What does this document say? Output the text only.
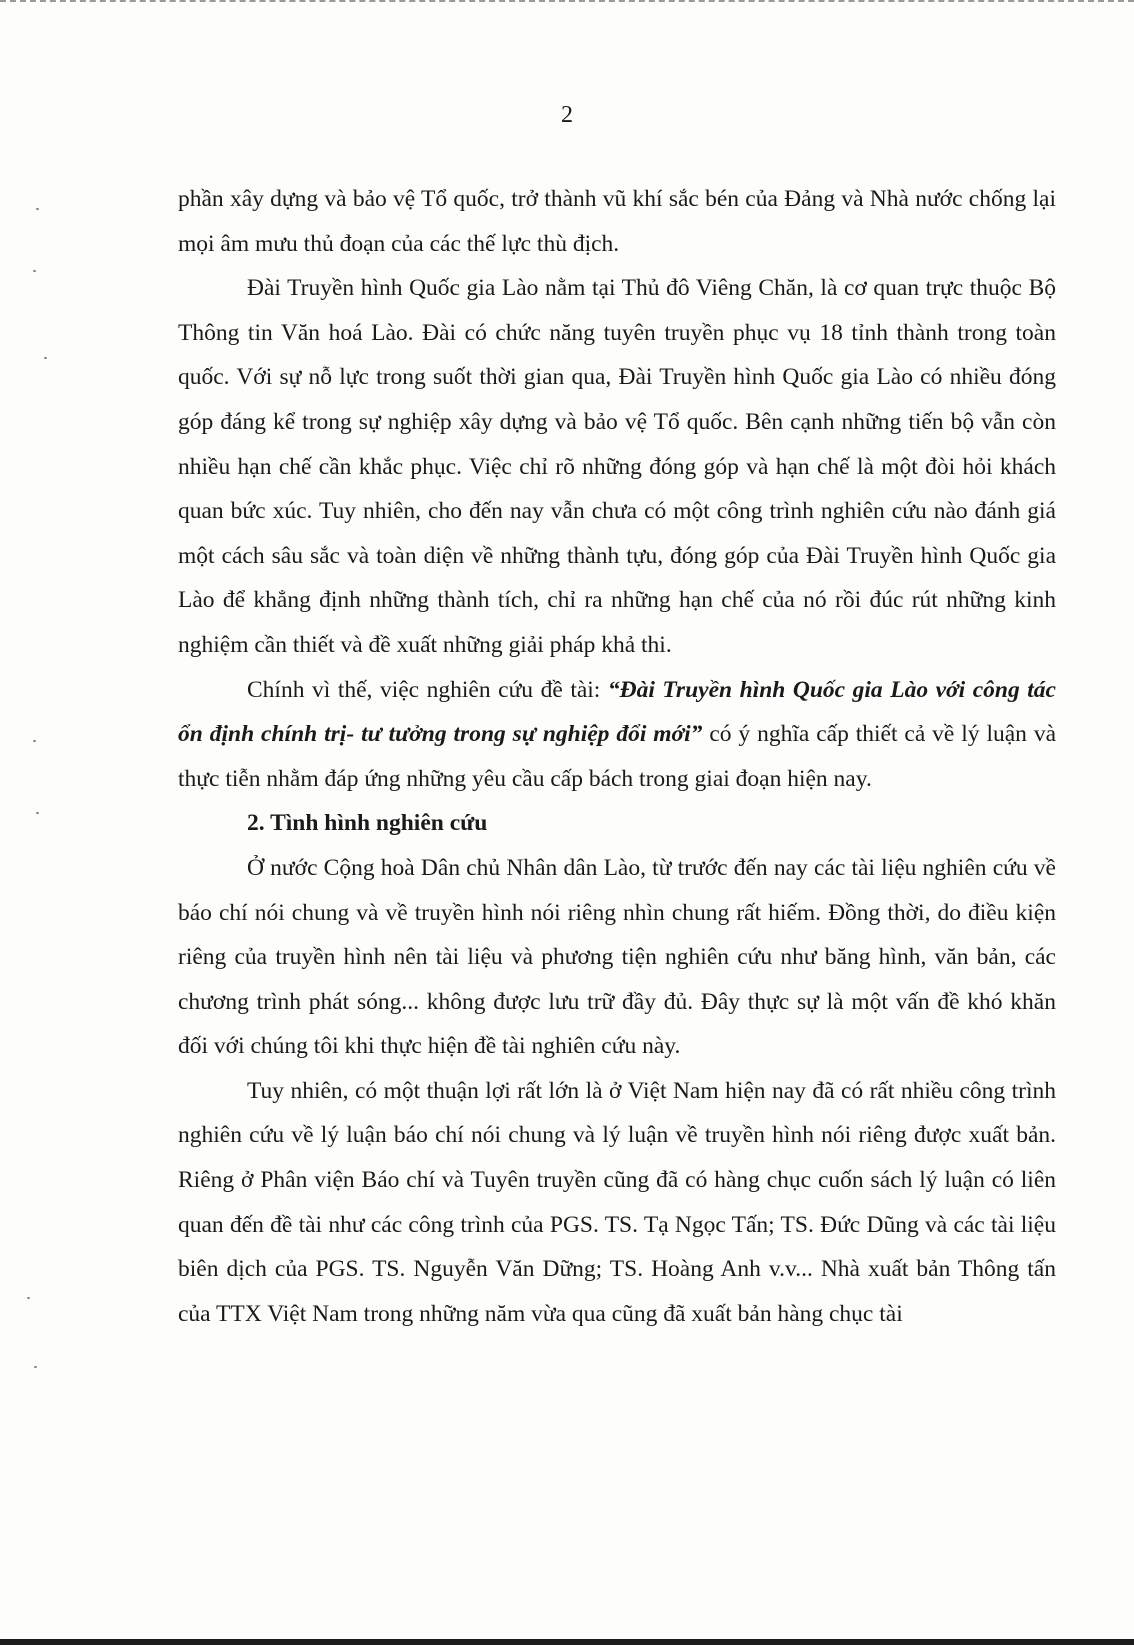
2

phần xây dựng và bảo vệ Tổ quốc, trở thành vũ khí sắc bén của Đảng và Nhà nước chống lại mọi âm mưu thủ đoạn của các thế lực thù địch.

Đài Truyền hình Quốc gia Lào nằm tại Thủ đô Viêng Chăn, là cơ quan trực thuộc Bộ Thông tin Văn hoá Lào. Đài có chức năng tuyên truyền phục vụ 18 tỉnh thành trong toàn quốc. Với sự nỗ lực trong suốt thời gian qua, Đài Truyền hình Quốc gia Lào có nhiều đóng góp đáng kể trong sự nghiệp xây dựng và bảo vệ Tổ quốc. Bên cạnh những tiến bộ vẫn còn nhiều hạn chế cần khắc phục. Việc chỉ rõ những đóng góp và hạn chế là một đòi hỏi khách quan bức xúc. Tuy nhiên, cho đến nay vẫn chưa có một công trình nghiên cứu nào đánh giá một cách sâu sắc và toàn diện về những thành tựu, đóng góp của Đài Truyền hình Quốc gia Lào để khẳng định những thành tích, chỉ ra những hạn chế của nó rồi đúc rút những kinh nghiệm cần thiết và đề xuất những giải pháp khả thi.

Chính vì thế, việc nghiên cứu đề tài: “Đài Truyền hình Quốc gia Lào với công tác ổn định chính trị- tư tưởng trong sự nghiệp đổi mới” có ý nghĩa cấp thiết cả về lý luận và thực tiễn nhằm đáp ứng những yêu cầu cấp bách trong giai đoạn hiện nay.

2. Tình hình nghiên cứu

Ở nước Cộng hoà Dân chủ Nhân dân Lào, từ trước đến nay các tài liệu nghiên cứu về báo chí nói chung và về truyền hình nói riêng nhìn chung rất hiếm. Đồng thời, do điều kiện riêng của truyền hình nên tài liệu và phương tiện nghiên cứu như băng hình, văn bản, các chương trình phát sóng... không được lưu trữ đầy đủ. Đây thực sự là một vấn đề khó khăn đối với chúng tôi khi thực hiện đề tài nghiên cứu này.

Tuy nhiên, có một thuận lợi rất lớn là ở Việt Nam hiện nay đã có rất nhiều công trình nghiên cứu về lý luận báo chí nói chung và lý luận về truyền hình nói riêng được xuất bản. Riêng ở Phân viện Báo chí và Tuyên truyền cũng đã có hàng chục cuốn sách lý luận có liên quan đến đề tài như các công trình của PGS. TS. Tạ Ngọc Tấn; TS. Đức Dũng và các tài liệu biên dịch của PGS. TS. Nguyễn Văn Dững; TS. Hoàng Anh v.v... Nhà xuất bản Thông tấn của TTX Việt Nam trong những năm vừa qua cũng đã xuất bản hàng chục tài
